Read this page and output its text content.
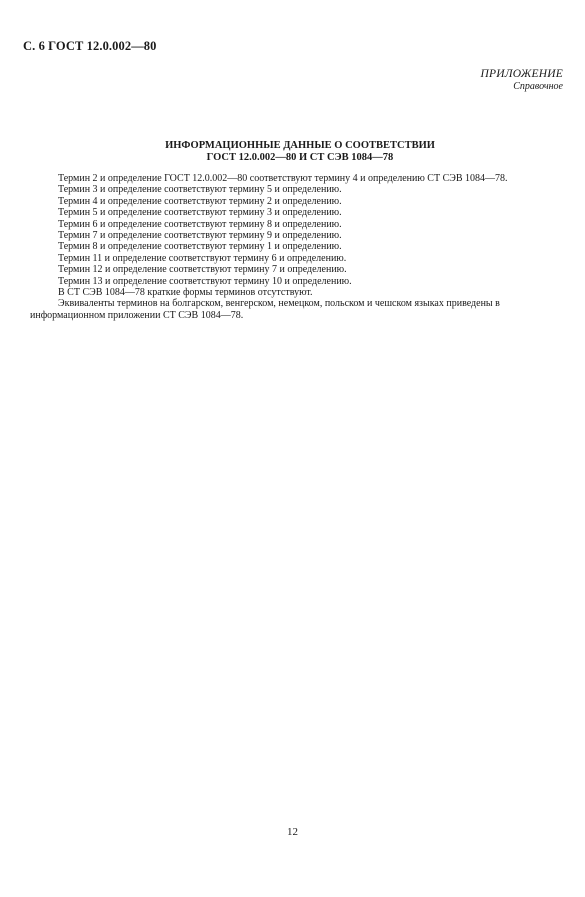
С. 6 ГОСТ 12.0.002—80
ПРИЛОЖЕНИЕ
Справочное
ИНФОРМАЦИОННЫЕ ДАННЫЕ О СООТВЕТСТВИИ
ГОСТ 12.0.002—80 И СТ СЭВ 1084—78

Термин 2 и определение ГОСТ 12.0.002—80 соответствуют термину 4 и определению СТ СЭВ 1084—78.

Термин 3 и определение соответствуют термину 5 и определению.

Термин 4 и определение соответствуют термину 2 и определению.

Термин 5 и определение соответствуют термину 3 и определению.

Термин 6 и определение соответствуют термину 8 и определению.

Термин 7 и определение соответствуют термину 9 и определению.

Термин 8 и определение соответствуют термину 1 и определению.

Термин 11 и определение соответствуют термину 6 и определению.

Термин 12 и определение соответствуют термину 7 и определению.

Термин 13 и определение соответствуют термину 10 и определению.

В СТ СЭВ 1084—78 краткие формы терминов отсутствуют.

Эквиваленты терминов на болгарском, венгерском, немецком, польском и чешском языках приведены в информационном приложении СТ СЭВ 1084—78.

12
